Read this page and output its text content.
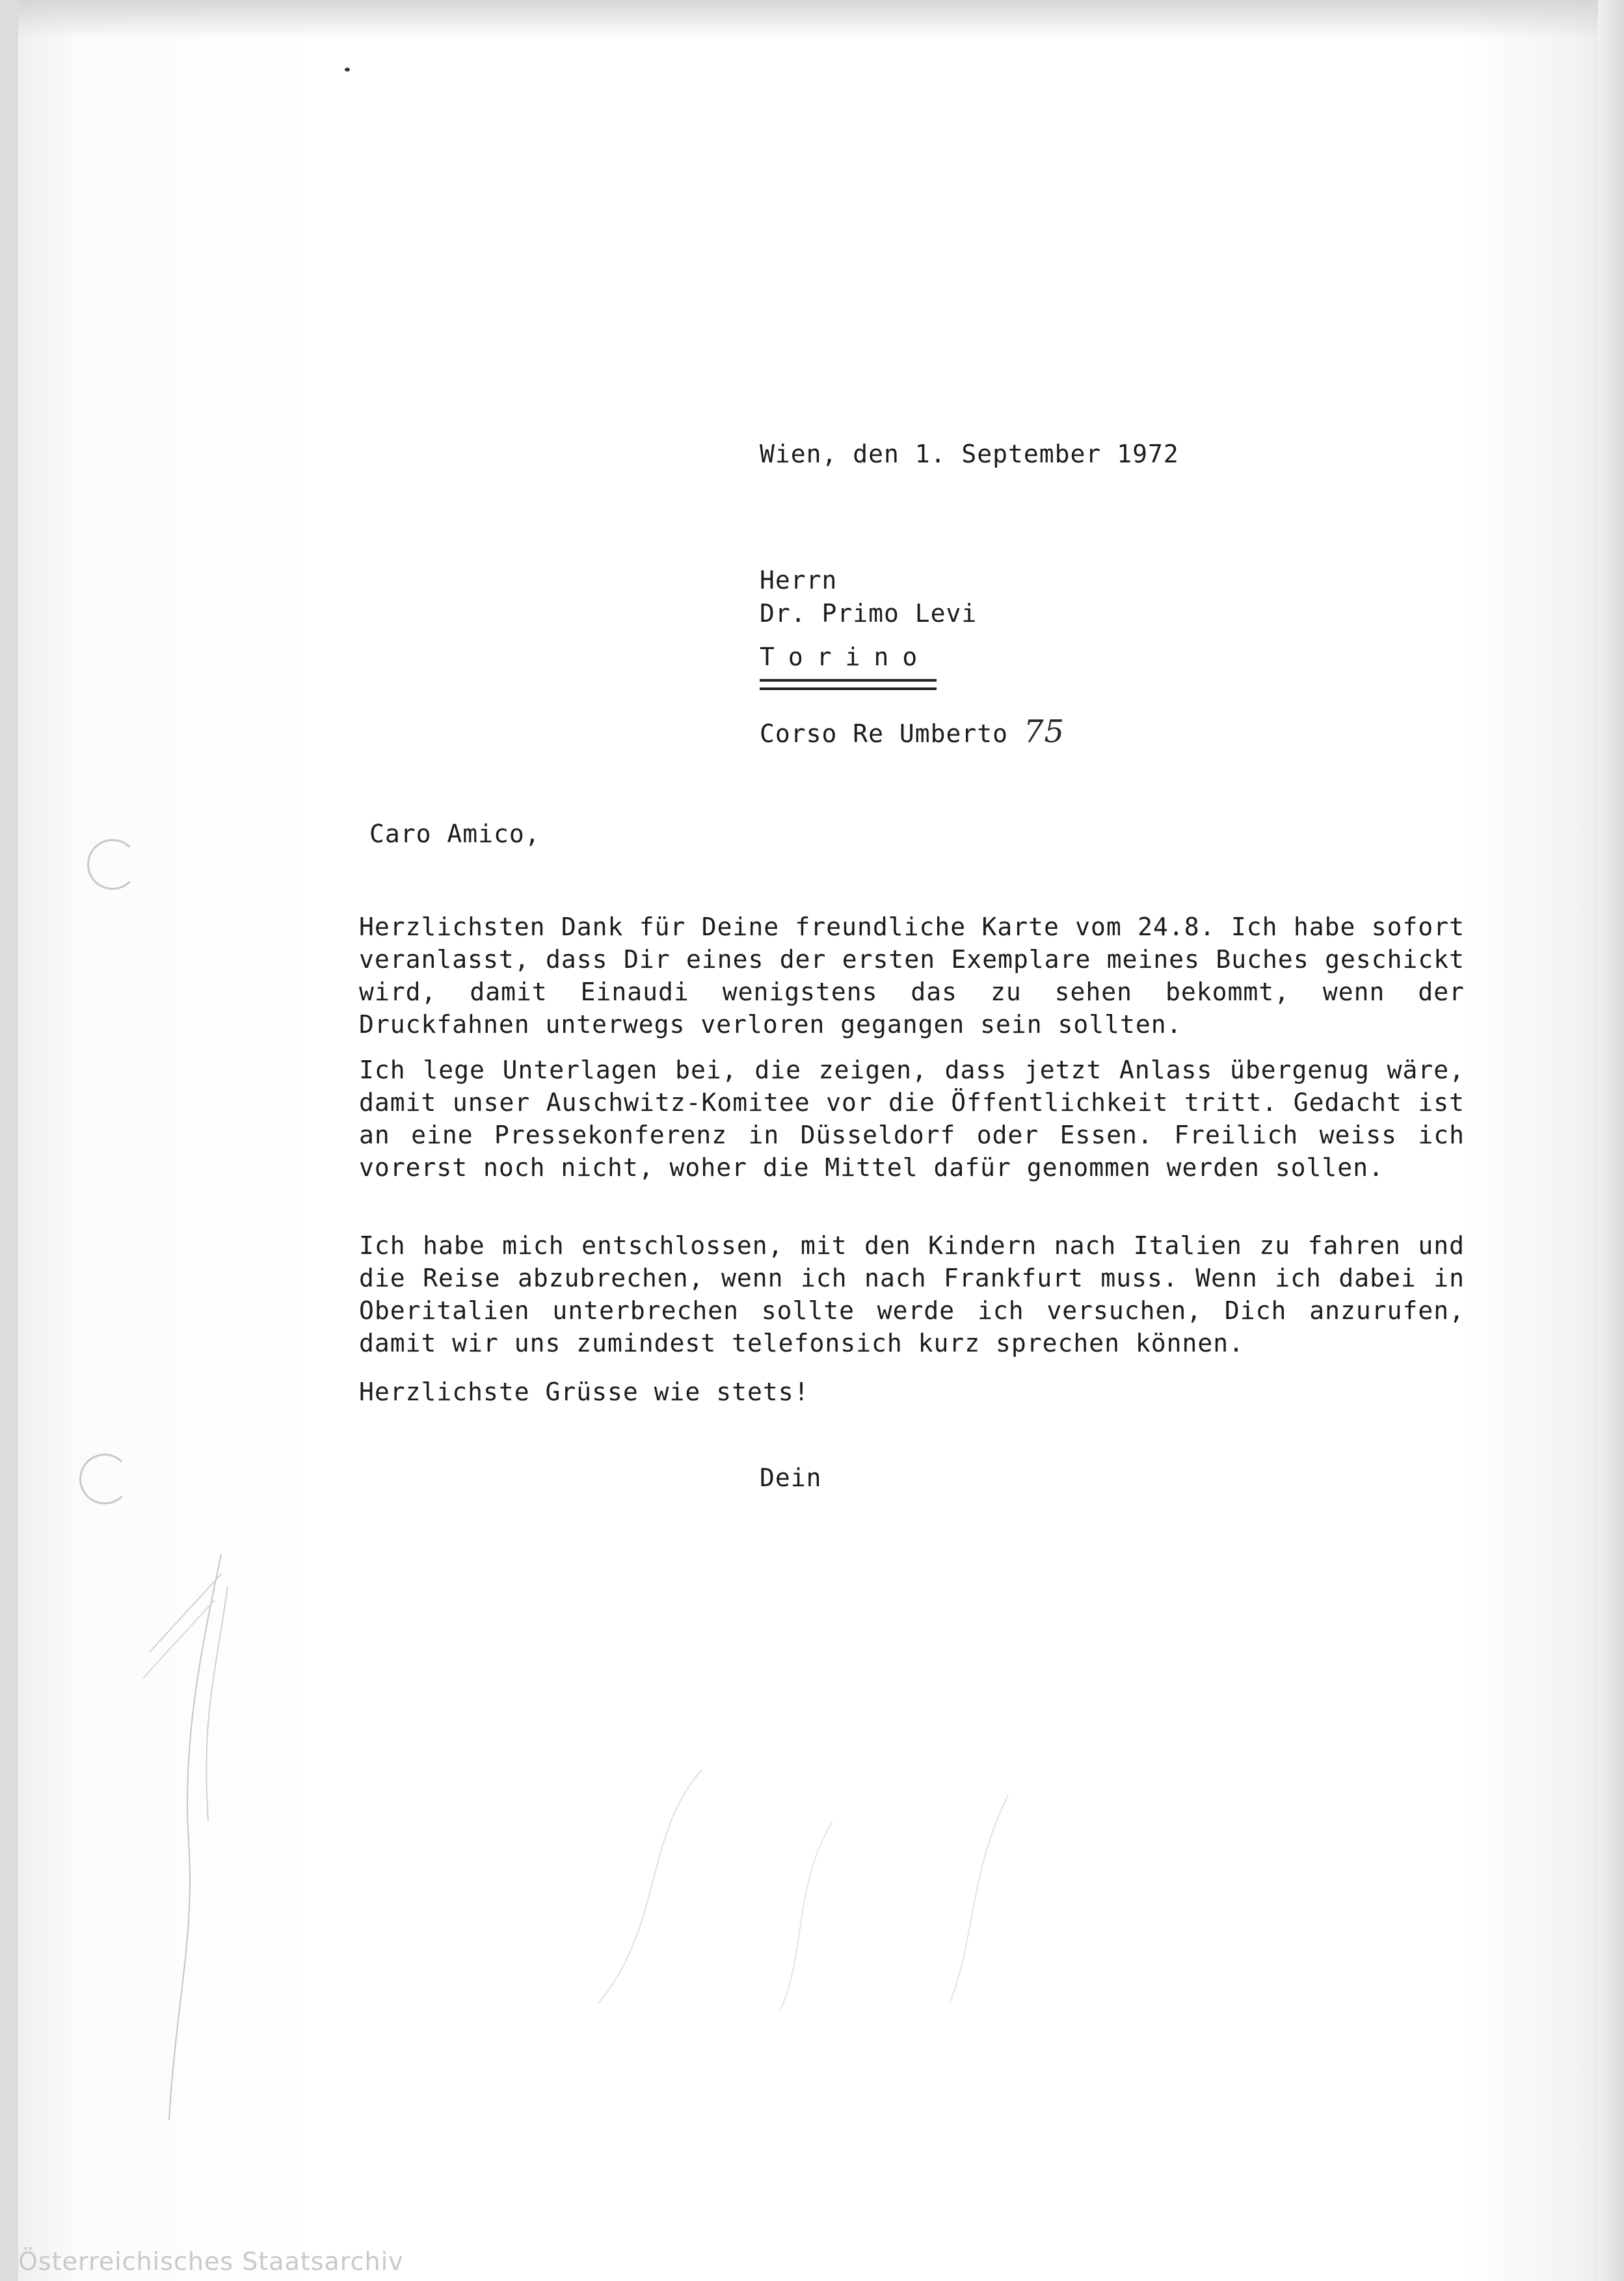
Wien, den 1. September 1972
Herrn
Dr. Primo Levi
Torino
Corso Re Umberto 75
Caro Amico,
Herzlichsten Dank für Deine freundliche Karte vom 24.8. Ich habe sofort veranlasst, dass Dir eines der ersten Exemplare meines Buches geschickt wird, damit Einaudi wenigstens das zu sehen bekommt, wenn der Druckfahnen unterwegs verloren gegangen sein sollten.
Ich lege Unterlagen bei, die zeigen, dass jetzt Anlass übergenug wäre, damit unser Auschwitz-Komitee vor die Öffentlichkeit tritt. Gedacht ist an eine Pressekonferenz in Düsseldorf oder Essen. Freilich weiss ich vorerst noch nicht, woher die Mittel dafür genommen werden sollen.
Ich habe mich entschlossen, mit den Kindern nach Italien zu fahren und die Reise abzubrechen, wenn ich nach Frankfurt muss. Wenn ich dabei in Oberitalien unterbrechen sollte werde ich versuchen, Dich anzurufen, damit wir uns zumindest telefonsich kurz sprechen können.
Herzlichste Grüsse wie stets!
Dein
Österreichisches Staatsarchiv
